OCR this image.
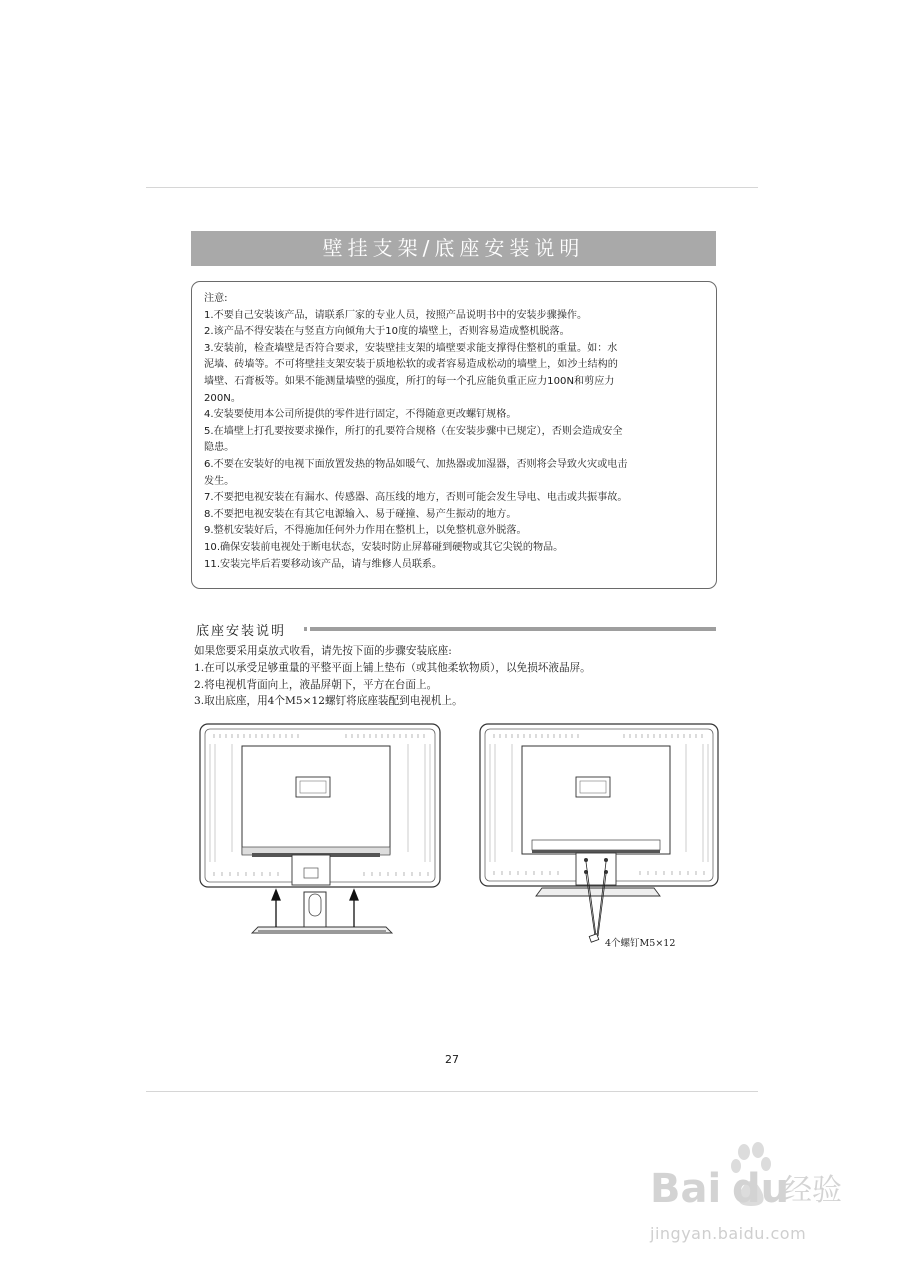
壁挂支架/底座安装说明
注意:
1.不要自己安装该产品，请联系厂家的专业人员，按照产品说明书中的安装步骤操作。
2.该产品不得安装在与竖直方向倾角大于10度的墙壁上，否则容易造成整机脱落。
3.安装前，检查墙壁是否符合要求，安装壁挂支架的墙壁要求能支撑得住整机的重量。如：水
泥墙、砖墙等。不可将壁挂支架安装于质地松软的或者容易造成松动的墙壁上，如沙土结构的
墙壁、石膏板等。如果不能测量墙壁的强度，所打的每一个孔应能负重正应力100N和剪应力
200N。
4.安装要使用本公司所提供的零件进行固定，不得随意更改螺钉规格。
5.在墙壁上打孔要按要求操作，所打的孔要符合规格（在安装步骤中已规定），否则会造成安全
隐患。
6.不要在安装好的电视下面放置发热的物品如暖气、加热器或加湿器，否则将会导致火灾或电击
发生。
7.不要把电视安装在有漏水、传感器、高压线的地方，否则可能会发生导电、电击或共振事故。
8.不要把电视安装在有其它电源输入、易于碰撞、易产生振动的地方。
9.整机安装好后，不得施加任何外力作用在整机上，以免整机意外脱落。
10.确保安装前电视处于断电状态，安装时防止屏幕碰到硬物或其它尖锐的物品。
11.安装完毕后若要移动该产品，请与维修人员联系。
底座安装说明
如果您要采用桌放式收看，请先按下面的步骤安装底座:
1.在可以承受足够重量的平整平面上铺上垫布（或其他柔软物质），以免损坏液晶屏。
2.将电视机背面向上，液晶屏朝下，平方在台面上。
3.取出底座，用4个M5×12螺钉将底座装配到电视机上。
4个螺钉M5×12
27
Bai du
经验
jingyan.baidu.com
